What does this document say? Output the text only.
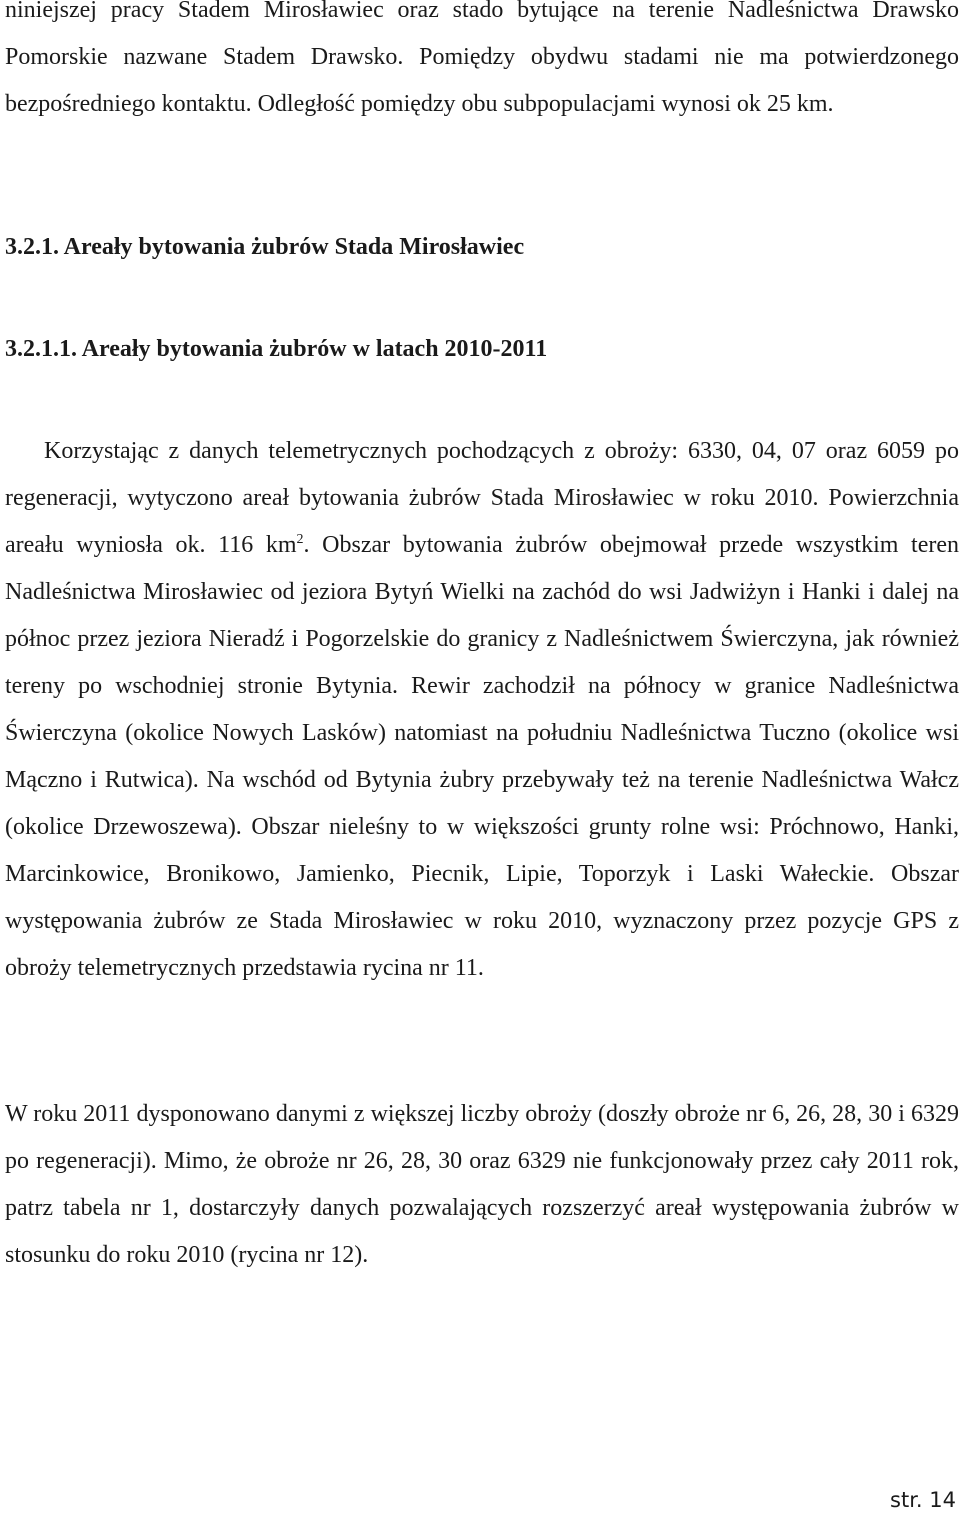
niniejszej pracy Stadem Mirosławiec oraz stado bytujące na terenie Nadleśnictwa Drawsko Pomorskie nazwane Stadem Drawsko. Pomiędzy obydwu stadami nie ma potwierdzonego bezpośredniego kontaktu. Odległość pomiędzy obu subpopulacjami wynosi ok 25 km.

3.2.1. Areały bytowania żubrów Stada Mirosławiec

3.2.1.1. Areały bytowania żubrów w latach 2010-2011

Korzystając z danych telemetrycznych pochodzących z obroży: 6330, 04, 07 oraz 6059 po regeneracji, wytyczono areał bytowania żubrów Stada Mirosławiec w roku 2010. Powierzchnia areału wyniosła ok. 116 $km^2$. Obszar bytowania żubrów obejmował przede wszystkim teren Nadleśnictwa Mirosławiec od jeziora Bytyń Wielki na zachód do wsi Jadwiżyn i Hanki i dalej na północ przez jeziora Nieradź i Pogorzelskie do granicy z Nadleśnictwem Świerczyna, jak również tereny po wschodniej stronie Bytynia. Rewir zachodził na północy w granice Nadleśnictwa Świerczyna (okolice Nowych Lasków) natomiast na południu Nadleśnictwa Tuczno (okolice wsi Mączno i Rutwica). Na wschód od Bytynia żubry przebywały też na terenie Nadleśnictwa Wałcz (okolice Drzewoszewa). Obszar nieleśny to w większości grunty rolne wsi: Próchnowo, Hanki, Marcinkowice, Bronikowo, Jamienko, Piecnik, Lipie, Toporzyk i Laski Wałeckie. Obszar występowania żubrów ze Stada Mirosławiec w roku 2010, wyznaczony przez pozycje GPS z obroży telemetrycznych przedstawia rycina nr 11.

W roku 2011 dysponowano danymi z większej liczby obroży (doszły obroże nr 6, 26, 28, 30 i 6329 po regeneracji). Mimo, że obroże nr 26, 28, 30 oraz 6329 nie funkcjonowały przez cały 2011 rok, patrz tabela nr 1, dostarczyły danych pozwalających rozszerzyć areał występowania żubrów w stosunku do roku 2010 (rycina nr 12).

str. 14
